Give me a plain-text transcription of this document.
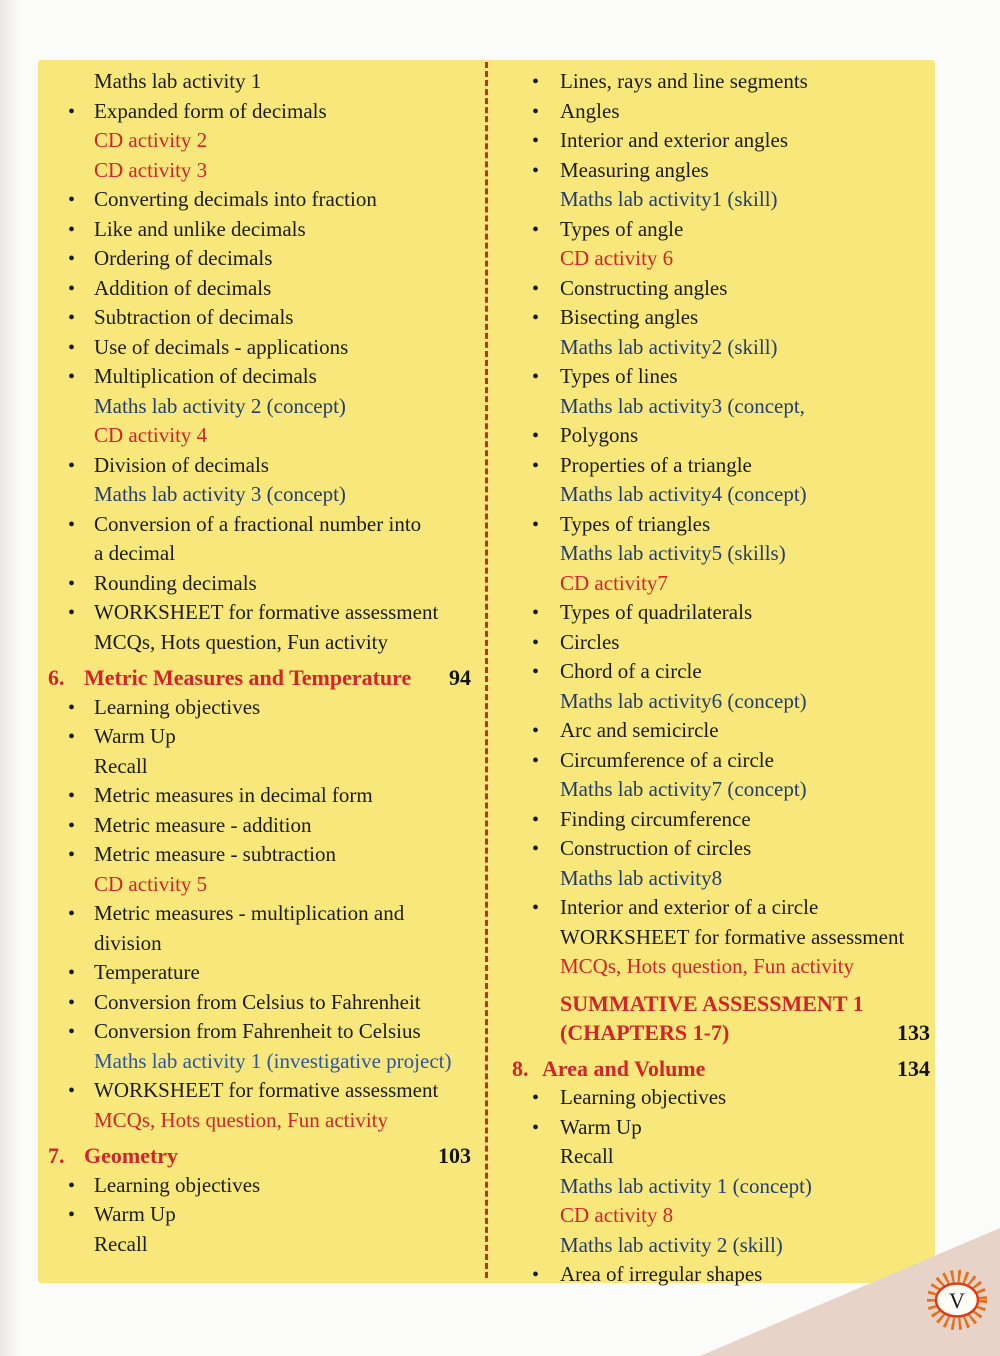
Maths lab activity 1
•
Expanded form of decimals
CD activity 2
CD activity 3
•
Converting decimals into fraction
•
Like and unlike decimals
•
Ordering of decimals
•
Addition of decimals
•
Subtraction of decimals
•
Use of decimals - applications
•
Multiplication of decimals
Maths lab activity 2 (concept)
CD activity 4
•
Division of decimals
Maths lab activity 3 (concept)
•
Conversion of a fractional number into
a decimal
•
Rounding decimals
•
WORKSHEET for formative assessment
MCQs, Hots question, Fun activity
6. Metric Measures and Temperature 94
•
Learning objectives
•
Warm Up
Recall
•
Metric measures in decimal form
•
Metric measure - addition
•
Metric measure - subtraction
CD activity 5
•
Metric measures - multiplication and
division
•
Temperature
•
Conversion from Celsius to Fahrenheit
•
Conversion from Fahrenheit to Celsius
Maths lab activity 1 (investigative project)
•
WORKSHEET for formative assessment
MCQs, Hots question, Fun activity
7. Geometry	103
•
Learning objectives
•
Warm Up
Recall
•
Lines, rays and line segments
•
Angles
•
Interior and exterior angles
•
Measuring angles
Maths lab activity1 (skill)
•
Types of angle
CD activity 6
•
Constructing angles
•
Bisecting angles
Maths lab activity2 (skill)
•
Types of lines
Maths lab activity3 (concept,
•
Polygons
•
Properties of a triangle
Maths lab activity4 (concept)
•
Types of triangles
Maths lab activity5 (skills)
CD activity7
•
Types of quadrilaterals
•
Circles
•
Chord of a circle
Maths lab activity6 (concept)
•
Arc and semicircle
•
Circumference of a circle
Maths lab activity7 (concept)
•
Finding circumference
•
Construction of circles
Maths lab activity8
•
Interior and exterior of a circle
WORKSHEET for formative assessment
MCQs, Hots question, Fun activity
SUMMATIVE ASSESSMENT 1
(CHAPTERS 1-7)	133
8. Area and Volume	134
•
Learning objectives
•
Warm Up
Recall
Maths lab activity 1 (concept)
CD activity 8
Maths lab activity 2 (skill)
•
Area of irregular shapes
V
